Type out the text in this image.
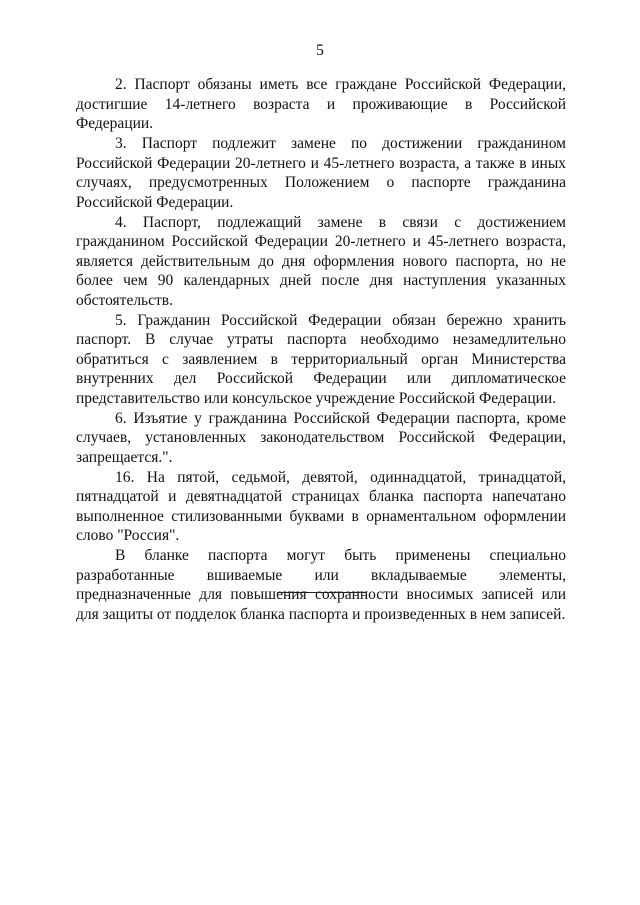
5

2. Паспорт обязаны иметь все граждане Российской Федерации, достигшие 14-летнего возраста и проживающие в Российской Федерации.

3. Паспорт подлежит замене по достижении гражданином Российской Федерации 20-летнего и 45-летнего возраста, а также в иных случаях, предусмотренных Положением о паспорте гражданина Российской Федерации.

4. Паспорт, подлежащий замене в связи с достижением гражданином Российской Федерации 20-летнего и 45-летнего возраста, является действительным до дня оформления нового паспорта, но не более чем 90 календарных дней после дня наступления указанных обстоятельств.

5. Гражданин Российской Федерации обязан бережно хранить паспорт. В случае утраты паспорта необходимо незамедлительно обратиться с заявлением в территориальный орган Министерства внутренних дел Российской Федерации или дипломатическое представительство или консульское учреждение Российской Федерации.

6. Изъятие у гражданина Российской Федерации паспорта, кроме случаев, установленных законодательством Российской Федерации, запрещается.".

16. На пятой, седьмой, девятой, одиннадцатой, тринадцатой, пятнадцатой и девятнадцатой страницах бланка паспорта напечатано выполненное стилизованными буквами в орнаментальном оформлении слово "Россия".

В бланке паспорта могут быть применены специально разработанные вшиваемые или вкладываемые элементы, предназначенные для повышения сохранности вносимых записей или для защиты от подделок бланка паспорта и произведенных в нем записей.
